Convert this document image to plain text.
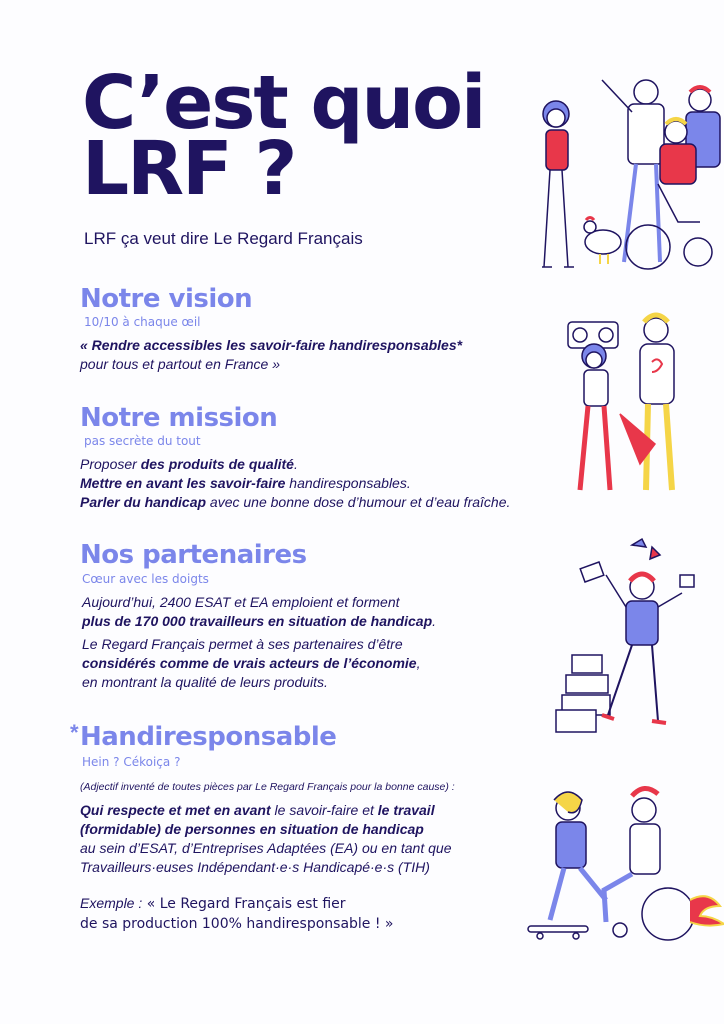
C’est quoi
LRF ?
LRF ça veut dire Le Regard Français
Notre vision
10/10 à chaque œil
« Rendre accessibles les savoir-faire handiresponsables*
pour tous et partout en France »
Notre mission
pas secrète du tout
Proposer des produits de qualité.
Mettre en avant les savoir-faire handiresponsables.
Parler du handicap avec une bonne dose d’humour et d’eau fraîche.
Nos partenaires
Cœur avec les doigts
Aujourd’hui, 2400 ESAT et EA emploient et forment
plus de 170 000 travailleurs en situation de handicap.
Le Regard Français permet à ses partenaires d’être
considérés comme de vrais acteurs de l’économie,
en montrant la qualité de leurs produits.
* Handiresponsable
Hein ? Cékoiça ?
(Adjectif inventé de toutes pièces par Le Regard Français pour la bonne cause) :
Qui respecte et met en avant le savoir-faire et le travail
(formidable) de personnes en situation de handicap
au sein d’ESAT, d’Entreprises Adaptées (EA) ou en tant que
Travailleurs·euses Indépendant·e·s Handicapé·e·s (TIH)
Exemple : « Le Regard Français est fier
de sa production 100% handiresponsable ! »
